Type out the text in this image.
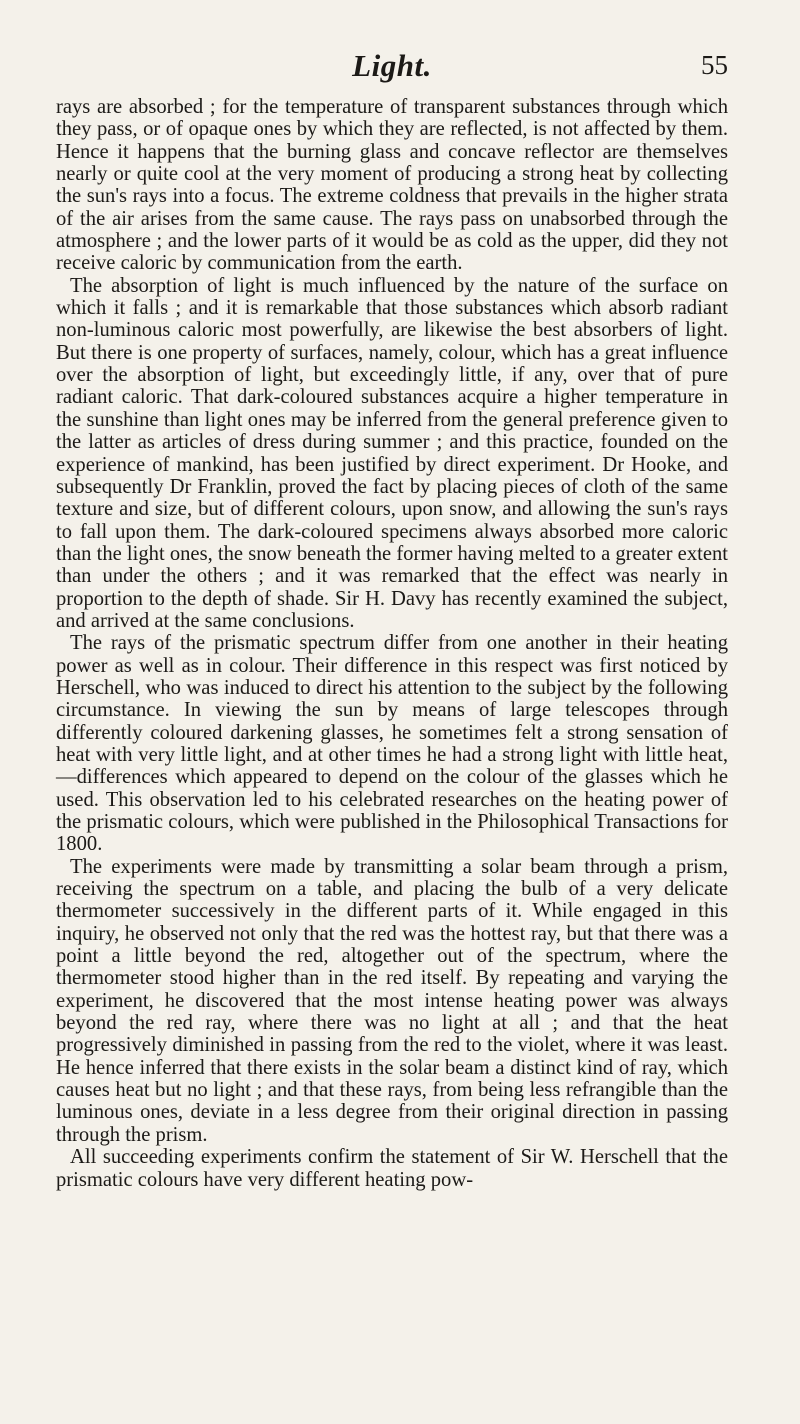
Light.	55

rays are absorbed ; for the temperature of transparent substances through which they pass, or of opaque ones by which they are reflected, is not affected by them. Hence it happens that the burning glass and concave reflector are themselves nearly or quite cool at the very moment of producing a strong heat by collecting the sun's rays into a focus. The extreme coldness that prevails in the higher strata of the air arises from the same cause. The rays pass on unabsorbed through the atmosphere ; and the lower parts of it would be as cold as the upper, did they not receive caloric by communication from the earth.

The absorption of light is much influenced by the nature of the surface on which it falls ; and it is remarkable that those substances which absorb radiant non-luminous caloric most powerfully, are likewise the best absorbers of light. But there is one property of surfaces, namely, colour, which has a great influence over the absorption of light, but exceedingly little, if any, over that of pure radiant caloric. That dark-coloured substances acquire a higher temperature in the sunshine than light ones may be inferred from the general preference given to the latter as articles of dress during summer ; and this practice, founded on the experience of mankind, has been justified by direct experiment. Dr Hooke, and subsequently Dr Franklin, proved the fact by placing pieces of cloth of the same texture and size, but of different colours, upon snow, and allowing the sun's rays to fall upon them. The dark-coloured specimens always absorbed more caloric than the light ones, the snow beneath the former having melted to a greater extent than under the others ; and it was remarked that the effect was nearly in proportion to the depth of shade. Sir H. Davy has recently examined the subject, and arrived at the same conclusions.

The rays of the prismatic spectrum differ from one another in their heating power as well as in colour. Their difference in this respect was first noticed by Herschell, who was induced to direct his attention to the subject by the following circumstance. In viewing the sun by means of large telescopes through differently coloured darkening glasses, he sometimes felt a strong sensation of heat with very little light, and at other times he had a strong light with little heat,—differences which appeared to depend on the colour of the glasses which he used. This observation led to his celebrated researches on the heating power of the prismatic colours, which were published in the Philosophical Transactions for 1800.

The experiments were made by transmitting a solar beam through a prism, receiving the spectrum on a table, and placing the bulb of a very delicate thermometer successively in the different parts of it. While engaged in this inquiry, he observed not only that the red was the hottest ray, but that there was a point a little beyond the red, altogether out of the spectrum, where the thermometer stood higher than in the red itself. By repeating and varying the experiment, he discovered that the most intense heating power was always beyond the red ray, where there was no light at all ; and that the heat progressively diminished in passing from the red to the violet, where it was least. He hence inferred that there exists in the solar beam a distinct kind of ray, which causes heat but no light ; and that these rays, from being less refrangible than the luminous ones, deviate in a less degree from their original direction in passing through the prism.

All succeeding experiments confirm the statement of Sir W. Herschell that the prismatic colours have very different heating pow-
